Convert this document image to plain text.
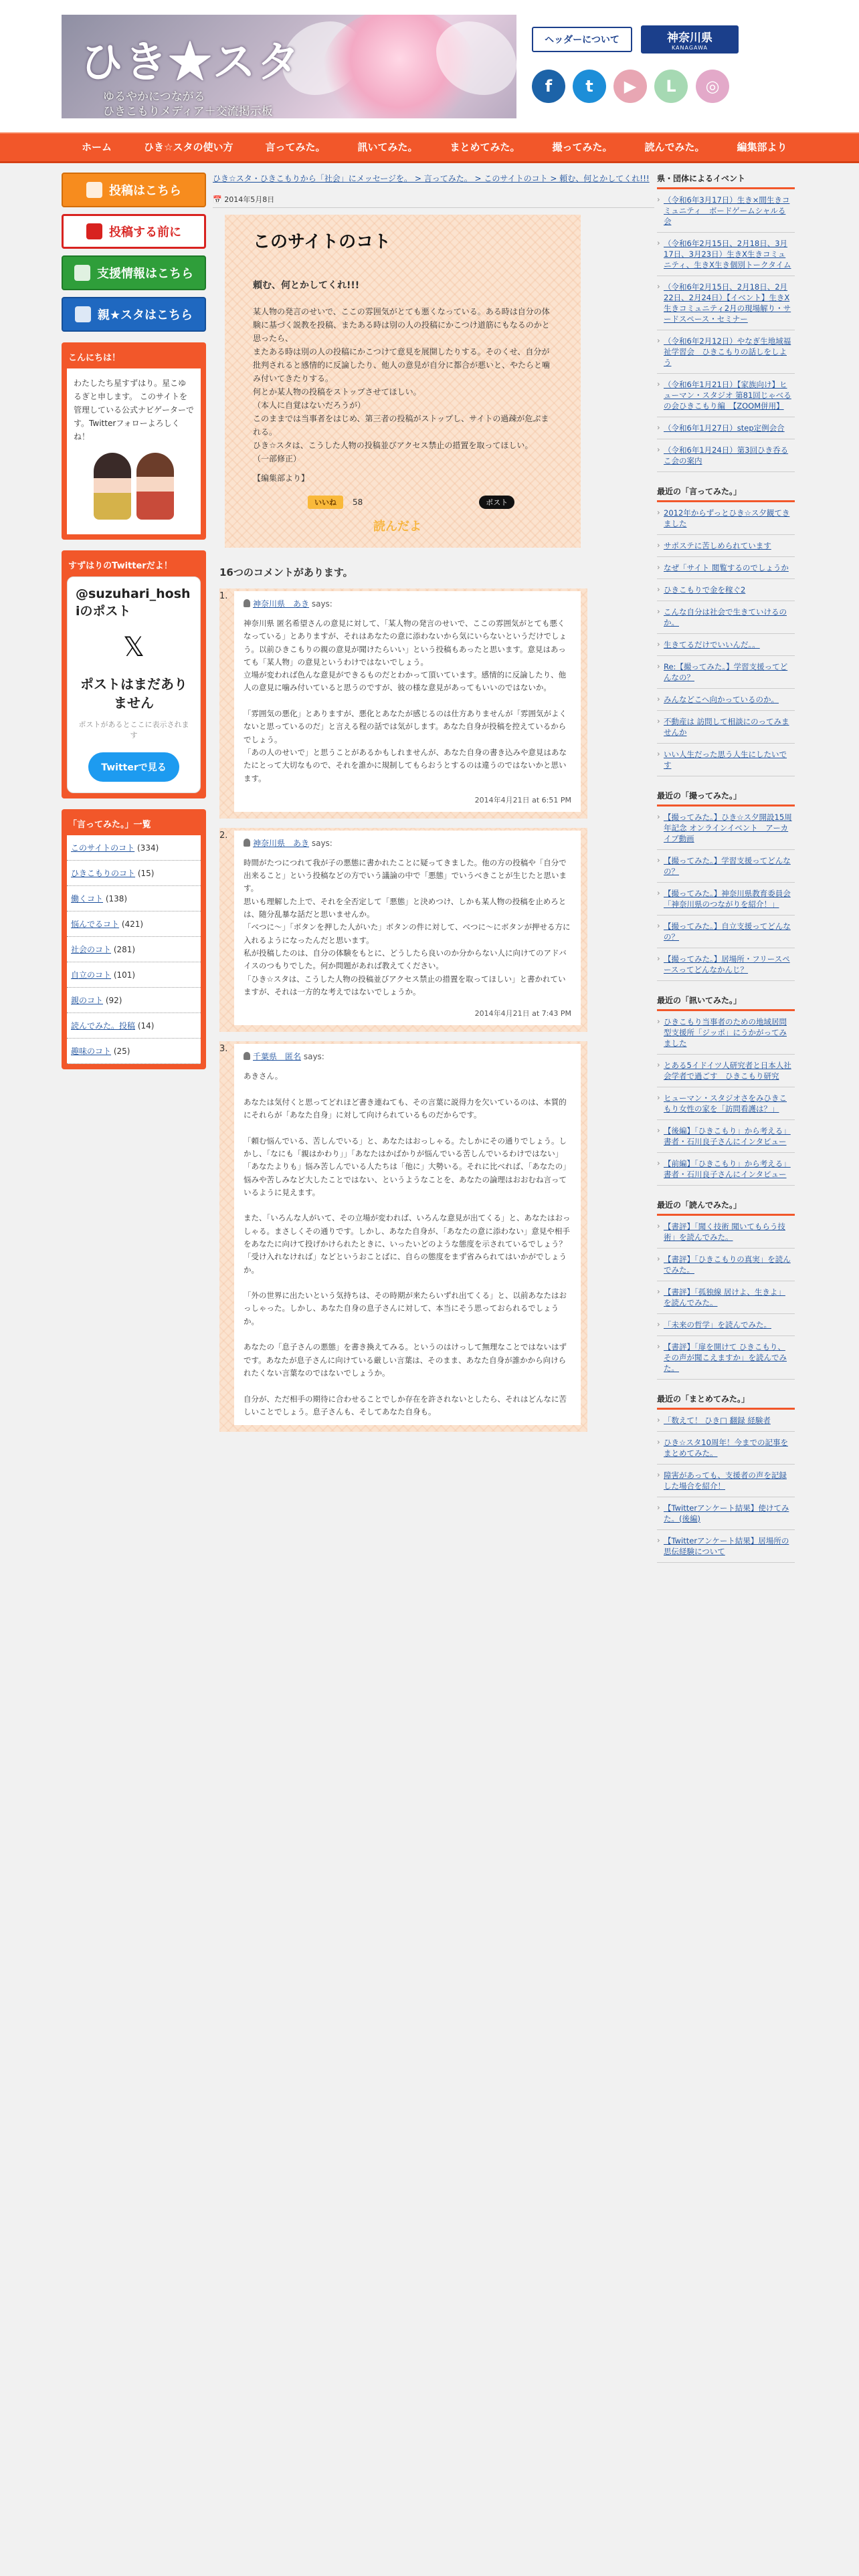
ひき★スタ
ゆるやかにつながる
ひきこもりメディア＋交流掲示板
ヘッダーについて	神奈川県
KANAGAWA
f	t	▶	L	◎
ホーム	ひき☆スタの使い方	言ってみた。	訊いてみた。	まとめてみた。	撮ってみた。	読んでみた。	編集部より
投稿はこちら
投稿する前に
支援情報はこちら
親★スタはこちら
こんにちは！
わたしたち星すずはり。星こゆるぎと申します。 このサイトを管理している公式ナビゲーターです。Twitterフォローよろしくね！
すずはりのTwitterだよ！
@suzuhari_hoshiのポスト
𝕏
ポストはまだありません
ポストがあるとここに表示されます
Twitterで見る
「言ってみた。」一覧
このサイトのコト (334)
ひきこもりのコト (15)
働くコト (138)
悩んでるコト (421)
社会のコト (281)
自立のコト (101)
親のコト (92)
読んでみた。投稿 (14)
趣味のコト (25)
ひき☆スタ・ひきこもりから「社会」にメッセージを。 > 言ってみた。 > このサイトのコト > 頼む、何とかしてくれ!!!
📅 2014年5月8日
このサイトのコト
頼む、何とかしてくれ!!!
某人物の発言のせいで、ここの雰囲気がとても悪くなっている。ある時は自分の体験に基づく説教を投稿、またある時は別の人の投稿にかこつけ道筋にもなるのかと思ったら、
またある時は別の人の投稿にかこつけて意見を展開したりする。そのくせ、自分が批判されると感情的に反論したり、他人の意見が自分に都合が悪いと、やたらと噛み付いてきたりする。
何とか某人物の投稿をストップさせてほしい。
（本人に自覚はないだろうが）
このままでは当事者をはじめ、第三者の投稿がストップし、サイトの過疎が危ぶまれる。
ひき☆スタは、こうした人物の投稿並びアクセス禁止の措置を取ってほしい。
（一部修正）
【編集部より】
いいね	58	ポスト
読んだよ
16つのコメントがあります。
1.
神奈川県　あき says:
神奈川県 匿名希望さんの意見に対して、「某人物の発言のせいで、ここの雰囲気がとても悪くなっている」とありますが、それはあなたの意に添わないから気にいらないというだけでしょう。以前ひきこもりの親の意見が聞けたらいい」という投稿もあったと思います。意見はあっても「某人物」の意見というわけではないでしょう。
立場が変われば色んな意見ができるものだとわかって頂いています。感情的に反論したり、他人の意見に噛み付いていると思うのですが、彼の様な意見があってもいいのではないか。

「雰囲気の悪化」とありますが、悪化とあなたが感じるのは仕方ありませんが「雰囲気がよくないと思っているのだ」と言える程の話では気がします。あなた自身が投稿を控えているからでしょう。
「あの人のせいで」と思うことがあるかもしれませんが、あなた自身の書き込みや意見はあなたにとって大切なもので、それを誰かに規制してもらおうとするのは違うのではないかと思います。
2014年4月21日 at 6:51 PM
2.
神奈川県　あき says:
時間がたつにつれて我が子の悪態に書かれたことに疑ってきました。他の方の投稿や「自分で出来ること」という投稿などの方でいう議論の中で「悪態」でいうべきことが生じたと思います。
思いも理解した上で、それを全否定して「悪態」と決めつけ、しかも某人物の投稿を止めろとは、随分乱暴な話だと思いませんか。
「べつに〜」「ボタンを押した人がいた」ボタンの件に対して、べつに〜にボタンが押せる方に入れるようになったんだと思います。
私が投稿したのは、自分の体験をもとに、どうしたら良いのか分からない人に向けてのアドバイスのつもりでした。何か問題があれば教えてください。
「ひき☆スタは、こうした人物の投稿並びアクセス禁止の措置を取ってほしい」と書かれていますが、それは一方的な考えではないでしょうか。
2014年4月21日 at 7:43 PM
3.
千葉県　匿名 says:
あきさん。

あなたは気付くと思ってどれほど書き連ねても、その言葉に説得力を欠いているのは、本質的にそれらが「あなた自身」に対して向けられているものだからです。

「頼む悩んでいる、苦しんでいる」と、あなたはおっしゃる。たしかにその通りでしょう。しかし、「なにも「親はかわり」」「あなたはかばかりが悩んでいる苦しんでいるわけではない」「あなたよりも」悩み苦しんでいる人たちは「他に」大勢いる。それに比べれば、「あなたの」悩みや苦しみなど大したことではない、というようなことを、あなたの論理はおおむね言っているように見えます。

また、「いろんな人がいて、その立場が変われば、いろんな意見が出てくる」と、あなたはおっしゃる。まさしくその通りです。しかし、あなた自身が、「あなたの意に添わない」意見や相手をあなたに向けて投げかけられたときに、いったいどのような態度を示されているでしょう？「受け入れなければ」などというおことばに、自らの態度をまず省みられてはいかがでしょうか。

「外の世界に出たいという気持ちは、その時期が来たらいずれ出てくる」と、以前あなたはおっしゃった。しかし、あなた自身の息子さんに対して、本当にそう思っておられるでしょうか。

あなたの「息子さんの悪態」を書き換えてみる。というのはけっして無理なことではないはずです。あなたが息子さんに向けている厳しい言葉は、そのまま、あなた自身が誰かから向けられたくない言葉なのではないでしょうか。

自分が、ただ相手の期待に合わせることでしか存在を許されないとしたら、それはどんなに苦しいことでしょう。息子さんも、そしてあなた自身も。
県・団体によるイベント
› （令和6年3月17日）生き×間生きコミュニティ　ボードゲームシャルる会
› （令和6年2月15日、2月18日、3月17日、3月23日）生きX生きコミュニティ、生きX生き個別トークタイム
› （令和6年2月15日、2月18日、2月22日、2月24日）【イベント】生きX生きコミュニティ2月の現場解り・サードスペース・セミナー
› （令和6年2月12日）やなぎ生地域福祉学習会　ひきこもりの話しをしよう
› （令和6年1月21日）【家族向け】ヒューマン・スタジオ 第81回じゃべるの会ひきこもり編　【ZOOM併用】
› （令和6年1月27日）step定例会合
› （令和6年1月24日）第3回ひき呑るこ会の案内
最近の「言ってみた。」
› 2012年からずっとひき☆ス夕観てきました
› サポステに苦しめられています
› なぜ「サイト 閲覧するのでしょうか
› ひきこもりで金を稼ぐ2
› こんな自分は社会で生きていけるのか。
› 生きてるだけでいいんだ。。
› Re:【撮ってみた。】学習支援ってどんなの？
› みんなどこへ向かっているのか。
› 不動産は 訪問して相談にのってみませんか
› いい人生だった思う人生にしたいです
最近の「撮ってみた。」
› 【撮ってみた。】ひき☆ス夕開設15周年記念 オンラインイベント　アーカイブ動画
› 【撮ってみた。】学習支援ってどんなの？
› 【撮ってみた。】神奈川県教育委員会「神奈川県のつながりを紹介！」
› 【撮ってみた。】自立支援ってどんなの？
› 【撮ってみた。】居場所・フリースペースってどんなかんじ？
最近の「訊いてみた。」
› ひきこもり当事者のための地域居問型支援所「ジッポ」にうかがってみました
› とある5イドイツ人研究者と日本人社会学者で過ごす　ひきこもり研究
› ヒューマン・スタジオさをみひきこもり女性の家を「訪問看護は？」
› 【後編】「ひきこもり」から考える」書者・石川良子さんにインタビュー
› 【前編】「ひきこもり」から考える」書者・石川良子さんにインタビュー
最近の「読んでみた。」
› 【書評】「聞く技術 聞いてもらう技術」を読んでみた。
› 【書評】「ひきこもりの真実」を読んでみた。
› 【書評】「孤独線 居けよ、生きよ」を読んでみた。
› 「未来の哲学」を読んでみた。
› 【書評】「扉を開けて ひきこもり、その声が聞こえますか」を読んでみた。
最近の「まとめてみた。」
› 「数えて！ ひき□ 翻録 経験者
› ひき☆スタ10周年！今までの記事をまとめてみた。
› 障害があっても、支援者の声を記録した場合を紹介！
› 【Twitterアンケート結果】使けてみた。(後編)
› 【Twitterアンケート結果】居場所の思伝経験について
